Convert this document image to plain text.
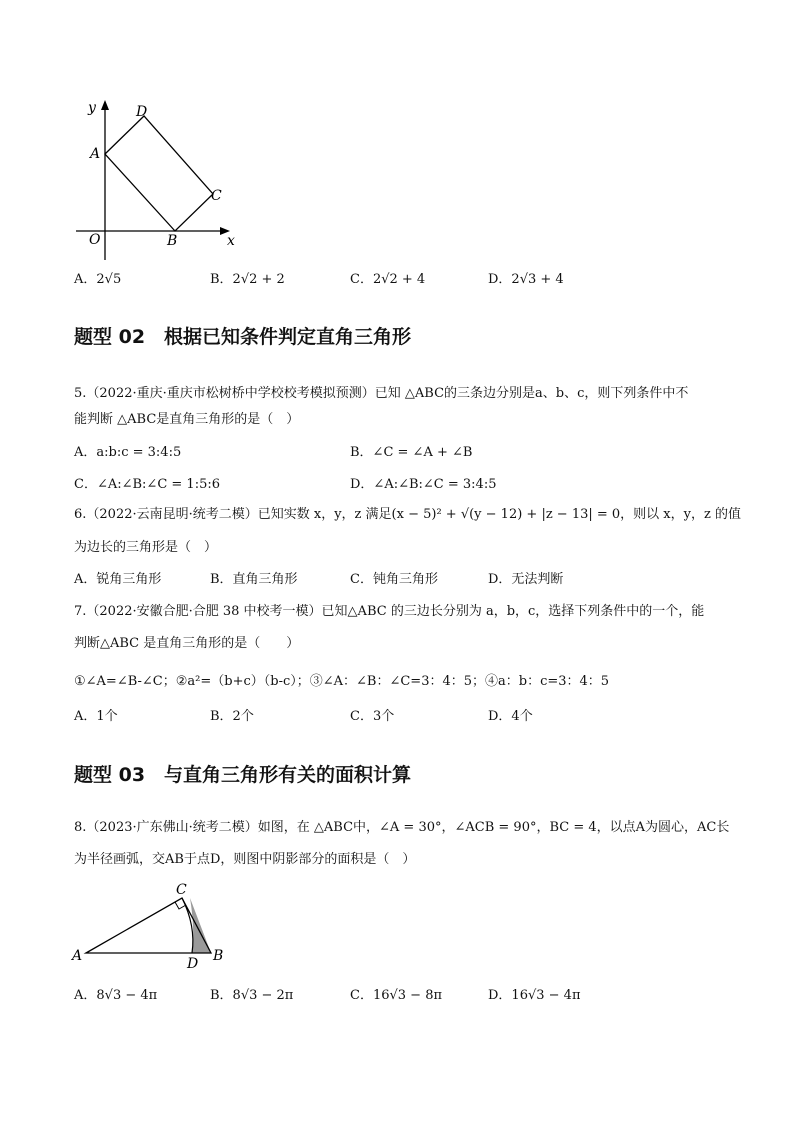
y	D
A
C
O	B	x
A．2√5	B．2√2 + 2	C．2√2 + 4	D．2√3 + 4
题型 02　根据已知条件判定直角三角形
5.（2022·重庆·重庆市松树桥中学校校考模拟预测）已知 △ABC的三条边分别是a、b、c，则下列条件中不
能判断 △ABC是直角三角形的是（　）
A．a:b:c = 3:4:5	B．∠C = ∠A + ∠B
C．∠A:∠B:∠C = 1:5:6	D．∠A:∠B:∠C = 3:4:5
6.（2022·云南昆明·统考二模）已知实数 x，y，z 满足(x − 5)² + √(y − 12) + |z − 13| = 0，则以 x，y，z 的值
为边长的三角形是（　）
A．锐角三角形	B．直角三角形	C．钝角三角形	D．无法判断
7.（2022·安徽合肥·合肥 38 中校考一模）已知△ABC 的三边长分别为 a，b，c，选择下列条件中的一个，能
判断△ABC 是直角三角形的是（　　）
①∠A=∠B-∠C；②a²=（b+c）（b-c）；③∠A：∠B：∠C=3：4：5；④a：b：c=3：4：5
A．1个	B．2个	C．3个	D．4个
题型 03　与直角三角形有关的面积计算
8.（2023·广东佛山·统考二模）如图，在 △ABC中，∠A = 30°，∠ACB = 90°，BC = 4，以点A为圆心，AC长
为半径画弧，交AB于点D，则图中阴影部分的面积是（　）
C
A	D B
A．8√3 − 4π	B．8√3 − 2π	C．16√3 − 8π	D．16√3 − 4π
